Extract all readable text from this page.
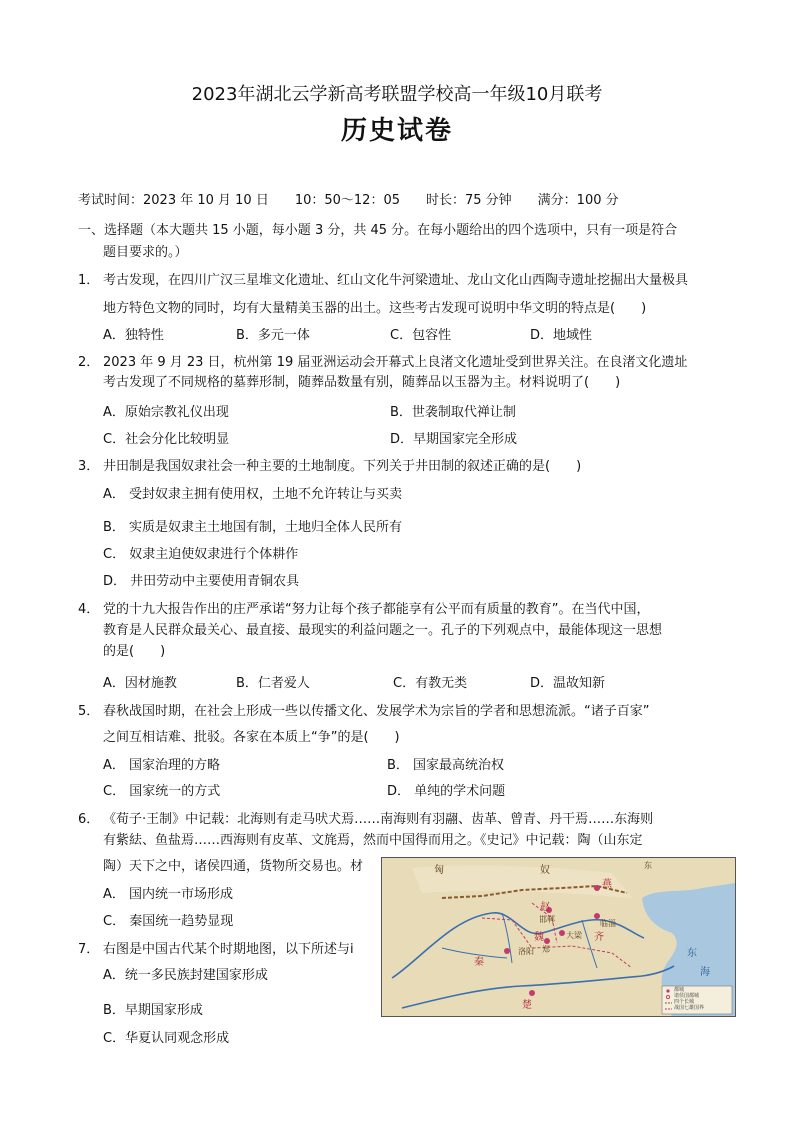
2023年湖北云学新高考联盟学校高一年级10月联考
历史试卷
考试时间：2023 年 10 月 10 日　　10：50～12：05　　时长：75 分钟　　满分：100 分
一、选择题（本大题共 15 小题，每小题 3 分，共 45 分。在每小题给出的四个选项中，只有一项是符合
题目要求的。）
1． 考古发现，在四川广汉三星堆文化遗址、红山文化牛河梁遗址、龙山文化山西陶寺遗址挖掘出大量极具
地方特色文物的同时，均有大量精美玉器的出土。这些考古发现可说明中华文明的特点是(　　)
A．独特性	B．多元一体	C．包容性	D．地域性
2． 2023 年 9 月 23 日，杭州第 19 届亚洲运动会开幕式上良渚文化遗址受到世界关注。在良渚文化遗址
考古发现了不同规格的墓葬形制，随葬品数量有别，随葬品以玉器为主。材料说明了(　　)
A．原始宗教礼仪出现	B．世袭制取代禅让制
C．社会分化比较明显	D．早期国家完全形成
3． 井田制是我国奴隶社会一种主要的土地制度。下列关于井田制的叙述正确的是(　　)
A． 受封奴隶主拥有使用权，土地不允许转让与买卖
B． 实质是奴隶主土地国有制，土地归全体人民所有
C． 奴隶主迫使奴隶进行个体耕作
D． 井田劳动中主要使用青铜农具
4． 党的十九大报告作出的庄严承诺“努力让每个孩子都能享有公平而有质量的教育”。在当代中国，
教育是人民群众最关心、最直接、最现实的利益问题之一。孔子的下列观点中，最能体现这一思想
的是(　　)
A．因材施教	B．仁者爱人	C．有教无类	D．温故知新
5． 春秋战国时期，在社会上形成一些以传播文化、发展学术为宗旨的学者和思想流派。“诸子百家”
之间互相诘难、批驳。各家在本质上“争”的是(　　)
A． 国家治理的方略	B． 国家最高统治权
C． 国家统一的方式	D． 单纯的学术问题
6． 《荀子·王制》中记载：北海则有走马吠犬焉……南海则有羽翮、齿革、曾青、丹干焉……东海则
有紫紶、鱼盐焉……西海则有皮革、文旄焉，然而中国得而用之。《史记》中记载：陶（山东定
陶）天下之中，诸侯四通，货物所交易也。材
A． 国内统一市场形成
C． 秦国统一趋势显现
7． 右图是中国古代某个时期地图，以下所述与i
A．统一多民族封建国家形成
B．早期国家形成
C．华夏认同观念形成
匈	奴	东
邯郸	临淄
大梁
洛阳 郑
秦
魏
赵
燕
齐
楚
东
海
都城
诸侯国都城
四个长城
战国七雄国界
